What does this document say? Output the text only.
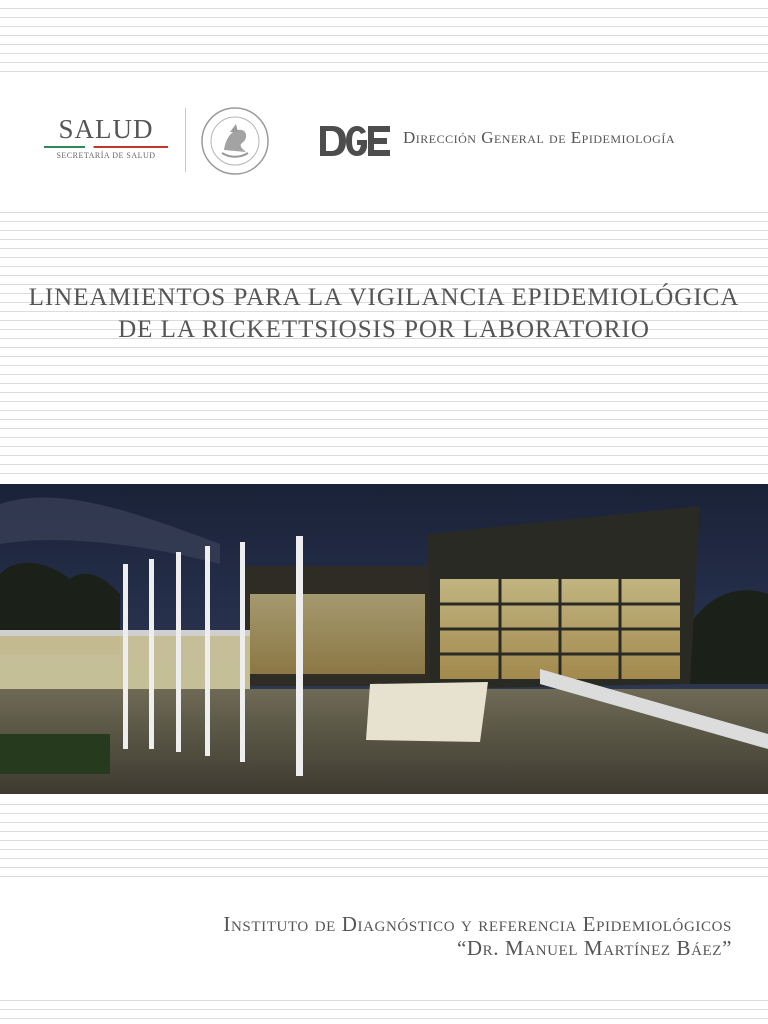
SALUD
SECRETARÍA DE SALUD
Dirección General de Epidemiología
LINEAMIENTOS PARA LA VIGILANCIA EPIDEMIOLÓGICA
DE LA RICKETTSIOSIS POR LABORATORIO
Instituto de Diagnóstico y referencia Epidemiológicos
“Dr. Manuel Martínez Báez”
